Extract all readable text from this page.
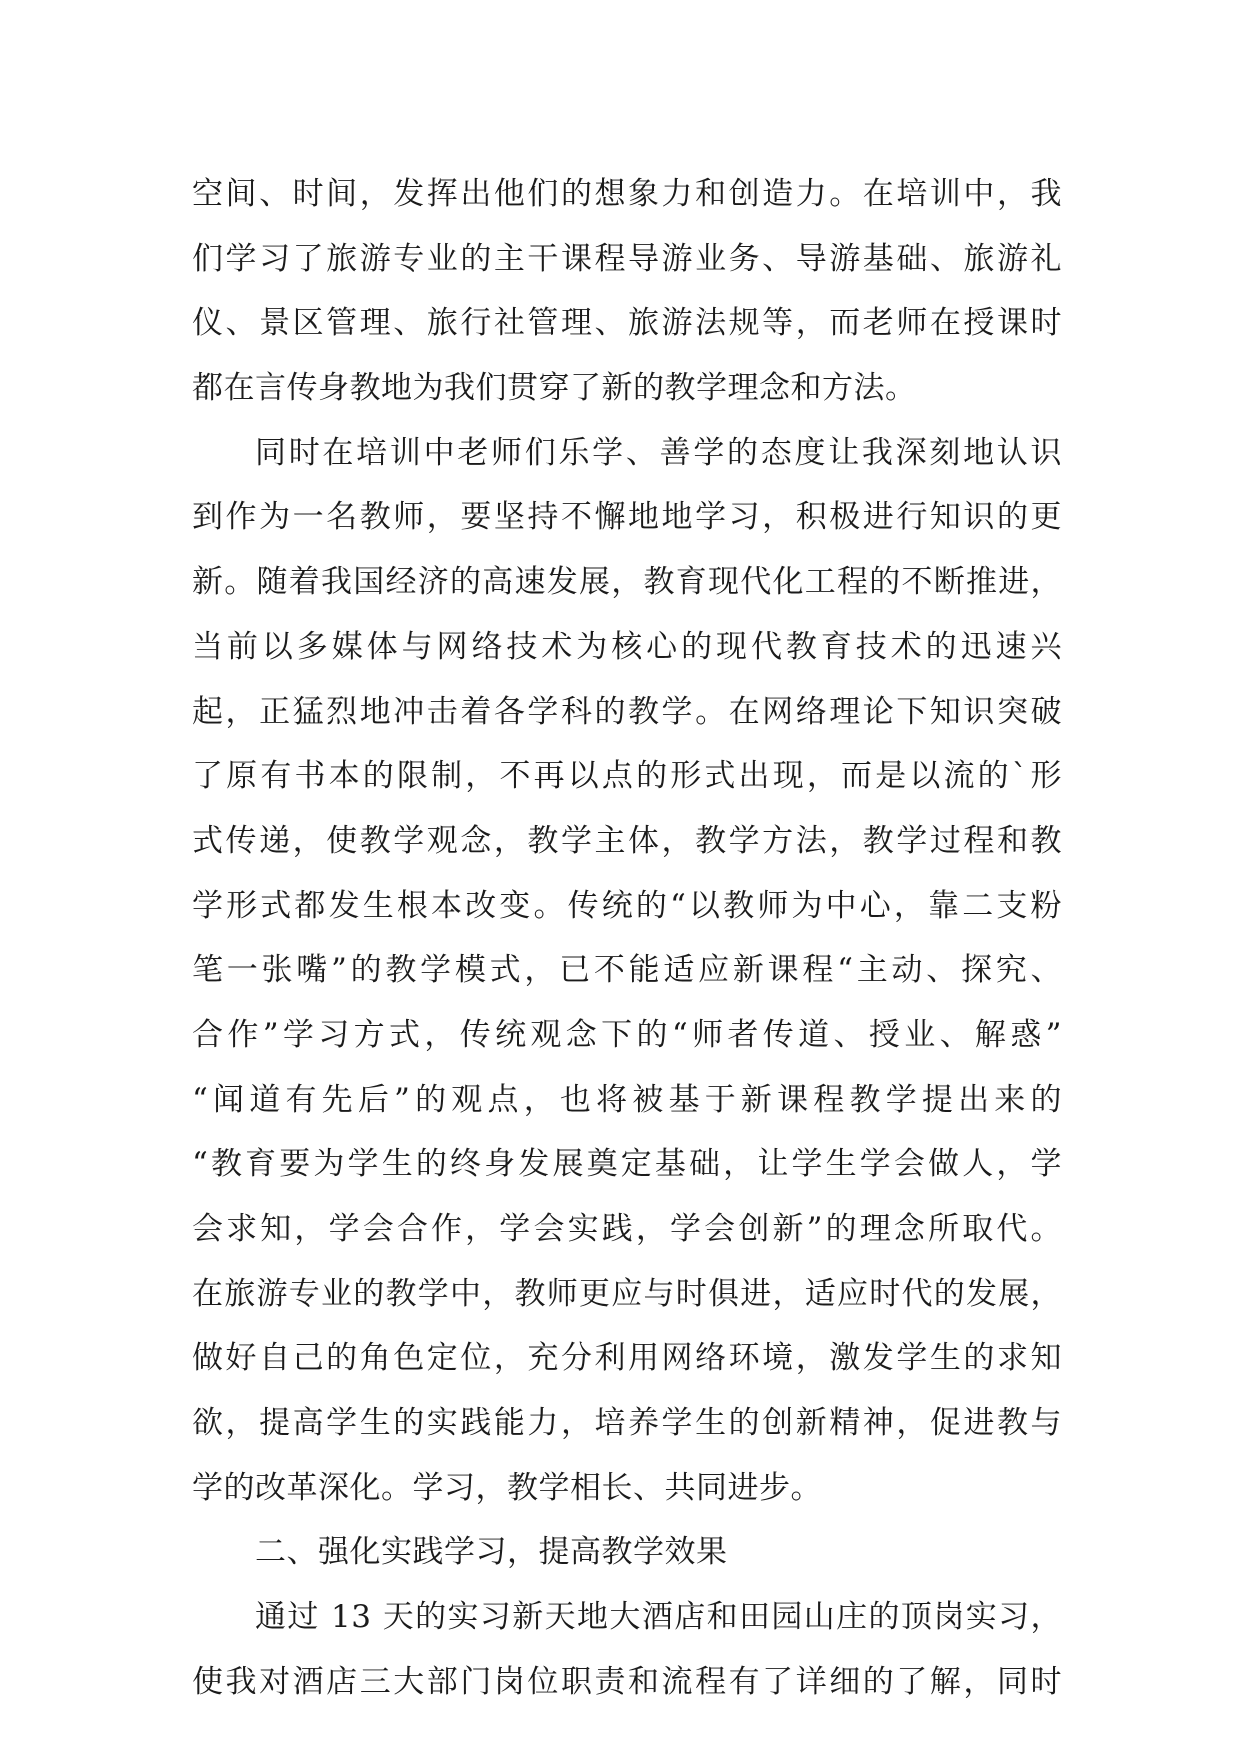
空间、时间，发挥出他们的想象力和创造力。在培训中，我
们学习了旅游专业的主干课程导游业务、导游基础、旅游礼
仪、景区管理、旅行社管理、旅游法规等，而老师在授课时
都在言传身教地为我们贯穿了新的教学理念和方法。
同时在培训中老师们乐学、善学的态度让我深刻地认识
到作为一名教师，要坚持不懈地地学习，积极进行知识的更
新。随着我国经济的高速发展，教育现代化工程的不断推进，
当前以多媒体与网络技术为核心的现代教育技术的迅速兴
起，正猛烈地冲击着各学科的教学。在网络理论下知识突破
了原有书本的限制，不再以点的形式出现，而是以流的`形
式传递，使教学观念，教学主体，教学方法，教学过程和教
学形式都发生根本改变。传统的“以教师为中心，靠二支粉
笔一张嘴”的教学模式，已不能适应新课程“主动、探究、
合作”学习方式，传统观念下的“师者传道、授业、解惑”
“闻道有先后”的观点，也将被基于新课程教学提出来的
“教育要为学生的终身发展奠定基础，让学生学会做人，学
会求知，学会合作，学会实践，学会创新”的理念所取代。
在旅游专业的教学中，教师更应与时俱进，适应时代的发展，
做好自己的角色定位，充分利用网络环境，激发学生的求知
欲，提高学生的实践能力，培养学生的创新精神，促进教与
学的改革深化。学习，教学相长、共同进步。
二、强化实践学习，提高教学效果
通过 13 天的实习新天地大酒店和田园山庄的顶岗实习，
使我对酒店三大部门岗位职责和流程有了详细的了解，同时
